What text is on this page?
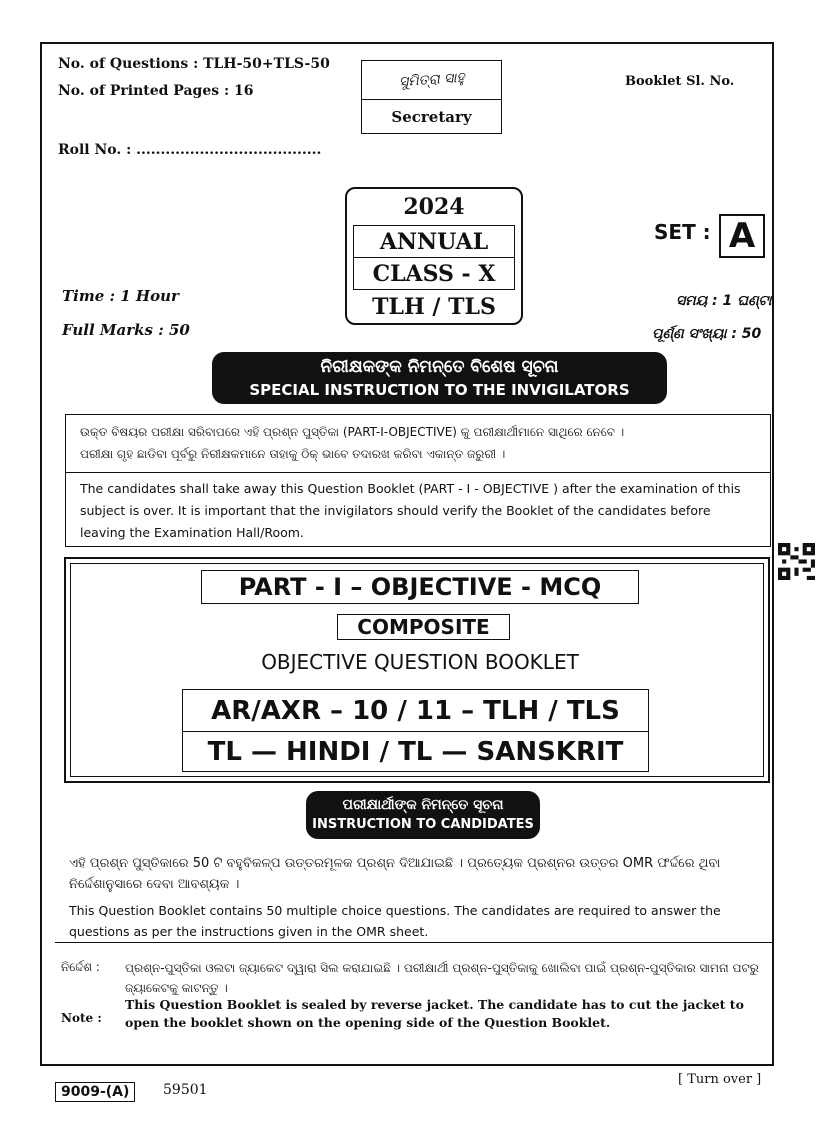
No. of Questions : TLH-50+TLS-50
No. of Printed Pages : 16
Roll No. : ......................................
Booklet Sl. No.
ସୁମିତ୍ରା ସାହୁ
Secretary
2024
ANNUAL
CLASS - X
TLH / TLS
SET : A
Time : 1 Hour
Full Marks : 50
ସମୟ : 1 ଘଣ୍ଟା
ପୂର୍ଣ୍ଣ ସଂଖ୍ୟା : 50
ନିରୀକ୍ଷକଙ୍କ ନିମନ୍ତେ ବିଶେଷ ସୂଚନା
SPECIAL INSTRUCTION TO THE INVIGILATORS
ଉକ୍ତ ବିଷୟର ପରୀକ୍ଷା ସରିବାପରେ ଏହି ପ୍ରଶ୍ନ ପୁସ୍ତିକା (PART-I-OBJECTIVE) କୁ ପରୀକ୍ଷାର୍ଥୀମାନେ ସାଥିରେ ନେବେ ।
ପରୀକ୍ଷା ଗୃହ ଛାଡିବା ପୂର୍ବରୁ ନିରୀକ୍ଷକମାନେ ତାହାକୁ ଠିକ୍ ଭାବେ ତଦାରଖ କରିବା ଏକାନ୍ତ ଜରୁରୀ ।
The candidates shall take away this Question Booklet (PART - I - OBJECTIVE ) after the examination of this subject is over. It is important that the invigilators should verify the Booklet of the candidates before leaving the Examination Hall/Room.
PART - I – OBJECTIVE - MCQ
COMPOSITE
OBJECTIVE QUESTION BOOKLET
AR/AXR – 10 / 11 – TLH / TLS
TL — HINDI / TL — SANSKRIT
ପରୀକ୍ଷାର୍ଥୀଙ୍କ ନିମନ୍ତେ ସୂଚନା
INSTRUCTION TO CANDIDATES
ଏହି ପ୍ରଶ୍ନ ପୁସ୍ତିକାରେ 50 ଟି ବହୁବିକଳ୍ପ ଉତ୍ତରମୂଳକ ପ୍ରଶ୍ନ ଦିଆଯାଇଛି । ପ୍ରତ୍ୟେକ ପ୍ରଶ୍ନର ଉତ୍ତର OMR ଫର୍ଦ୍ଦରେ ଥିବା ନିର୍ଦ୍ଦେଶାନୁସାରେ ଦେବା ଆବଶ୍ୟକ ।
This Question Booklet contains 50 multiple choice questions. The candidates are required to answer the questions as per the instructions given in the OMR sheet.
ନିର୍ଦ୍ଦେଶ : ପ୍ରଶ୍ନ-ପୁସ୍ତିକା ଓଲଟା ଜ୍ୟାକେଟ ଦ୍ୱାରା ସିଲ କରାଯାଇଛି । ପରୀକ୍ଷାର୍ଥୀ ପ୍ରଶ୍ନ-ପୁସ୍ତିକାକୁ ଖୋଲିବା ପାଇଁ ପ୍ରଶ୍ନ-ପୁସ୍ତିକାର ସାମନା ପଟରୁ ଜ୍ୟାକେଟକୁ କାଟନ୍ତୁ ।
Note :
This Question Booklet is sealed by reverse jacket. The candidate has to cut the jacket to open the booklet shown on the opening side of the Question Booklet.
9009-(A)	59501
[ Turn over ]
